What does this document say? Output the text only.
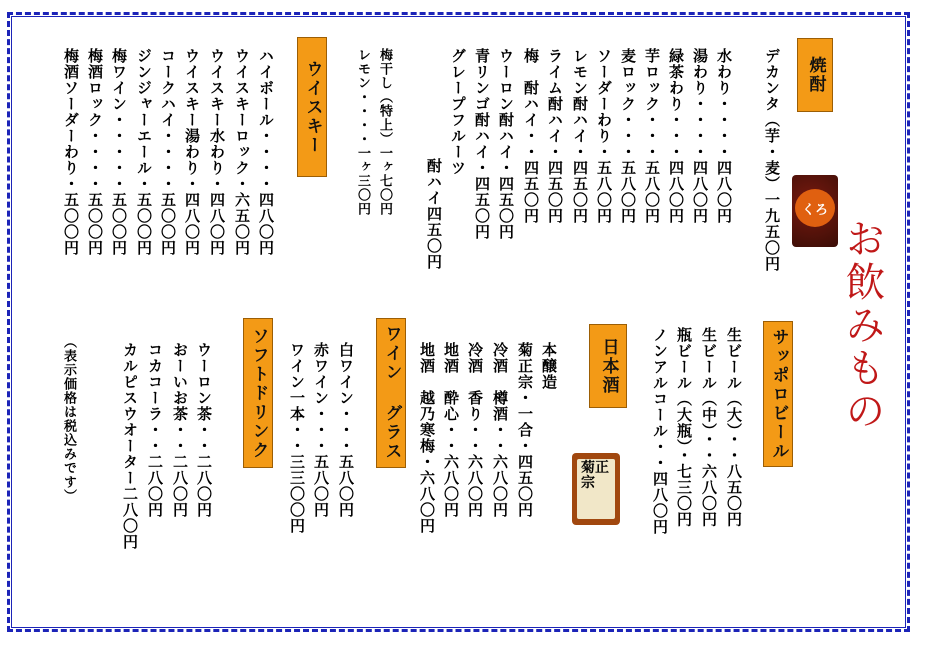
お飲みもの
焼酎
デカンタ（芋・麦）一九五〇円	くろ
水わり・・・・四八〇円
湯わり・・・・四八〇円
緑茶わり・・・四八〇円
芋ロック・・・五八〇円
麦ロック・・・五八〇円
ソーダーわり・五八〇円
レモン酎ハイ・四五〇円
ライム酎ハイ・四五〇円
梅　酎ハイ・・四五〇円
ウーロン酎ハイ・四五〇円
青リンゴ酎ハイ・四五〇円
グレープフルーツ
　　酎ハイ四五〇円
梅干し（特上）一ヶ七〇円
レモン・・・・一ヶ三〇円
ウイスキー
ハイボール・・・・四八〇円
ウイスキーロック・六五〇円
ウイスキー水わり・四八〇円
ウイスキー湯わり・四八〇円
コークハイ・・・・五〇〇円
ジンジャーエール・五〇〇円
梅ワイン・・・・・五〇〇円
梅酒ロック・・・・五〇〇円
梅酒ソーダーわり・五〇〇円
サッポロビール
生ビール（大）・・八五〇円
生ビール（中）・・六八〇円
瓶ビール（大瓶）・七三〇円
ノンアルコール・・四八〇円
日本酒
菊正宗
本醸造
菊正宗・一合・四五〇円
冷酒　樽酒・・六八〇円
冷酒　香り・・六八〇円
地酒　酔心・・六八〇円
地酒　越乃寒梅・六八〇円
ワイン グラス
白ワイン・・・五八〇円
赤ワイン・・・五八〇円
ワイン一本・・三三〇〇円
ソフトドリンク
ウーロン茶・・二八〇円
おーいお茶・・二八〇円
コカコーラ・・二八〇円
カルピスウオーター二八〇円
（表示価格は税込みです）
